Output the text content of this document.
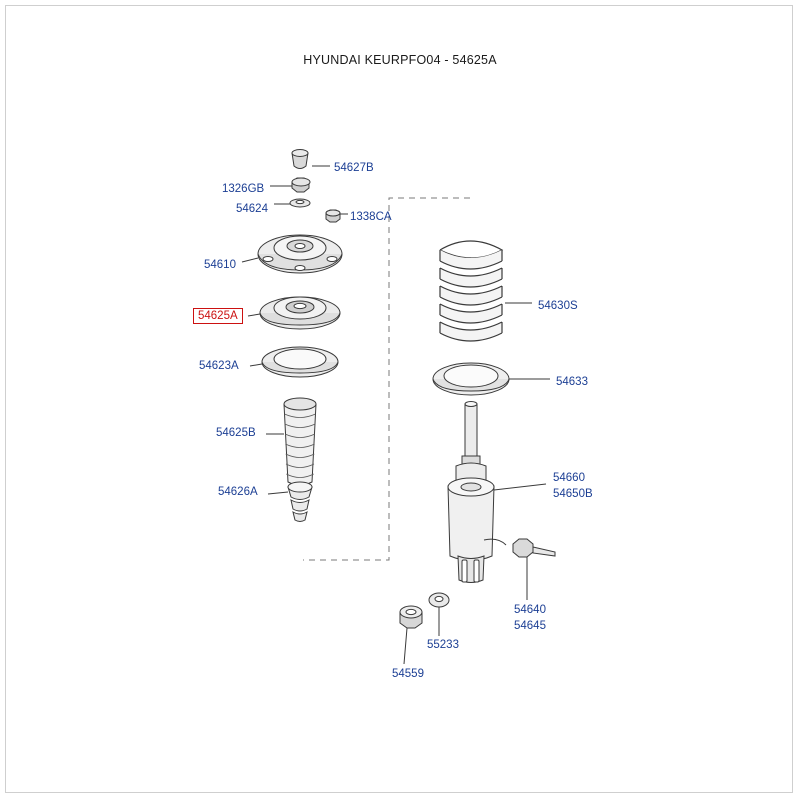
HYUNDAI KEURPFO04 - 54625A
54627B
1326GB
54624
1338CA
54610
54630S
54625A
54623A
54633
54625B
54660
54650B
54626A
54640
54645
55233
54559
